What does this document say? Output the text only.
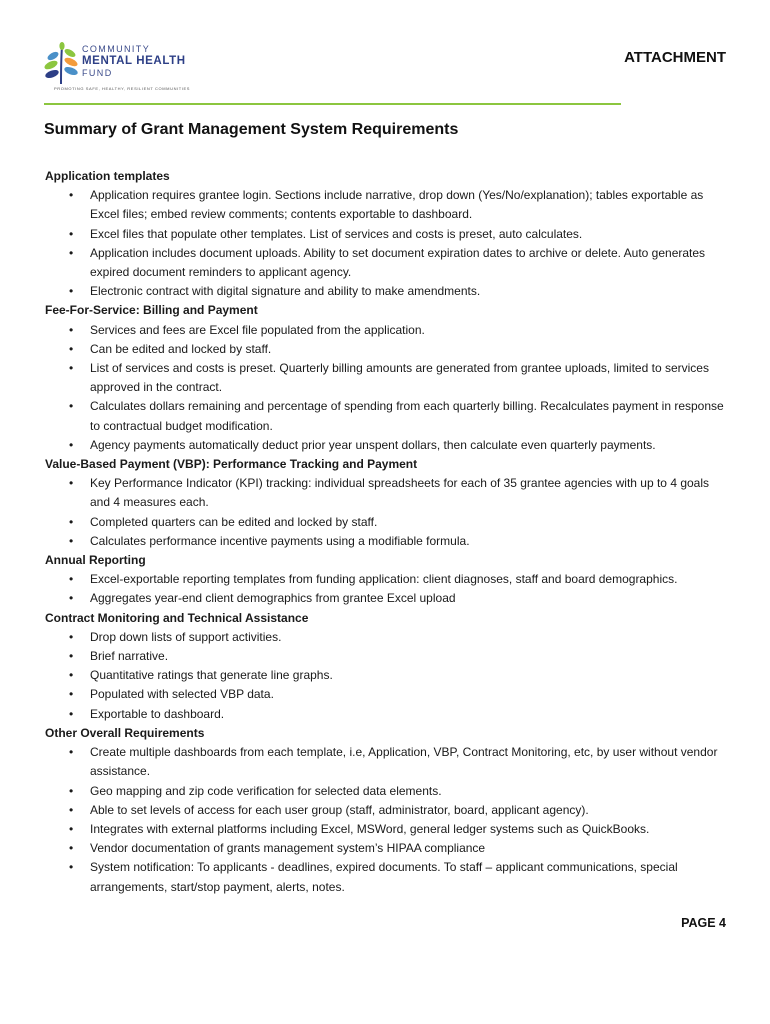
COMMUNITY
MENTAL HEALTH
FUND
PROMOTING SAFE, HEALTHY, RESILIENT COMMUNITIES
ATTACHMENT
Summary of Grant Management System Requirements
Application templates
• Application requires grantee login. Sections include narrative, drop down (Yes/No/explanation); tables exportable as Excel files; embed review comments; contents exportable to dashboard.
• Excel files that populate other templates. List of services and costs is preset, auto calculates.
• Application includes document uploads. Ability to set document expiration dates to archive or delete. Auto generates expired document reminders to applicant agency.
• Electronic contract with digital signature and ability to make amendments.
Fee-For-Service: Billing and Payment
• Services and fees are Excel file populated from the application.
• Can be edited and locked by staff.
• List of services and costs is preset. Quarterly billing amounts are generated from grantee uploads, limited to services approved in the contract.
• Calculates dollars remaining and percentage of spending from each quarterly billing. Recalculates payment in response to contractual budget modification.
• Agency payments automatically deduct prior year unspent dollars, then calculate even quarterly payments.
Value-Based Payment (VBP): Performance Tracking and Payment
• Key Performance Indicator (KPI) tracking: individual spreadsheets for each of 35 grantee agencies with up to 4 goals and 4 measures each.
• Completed quarters can be edited and locked by staff.
• Calculates performance incentive payments using a modifiable formula.
Annual Reporting
• Excel-exportable reporting templates from funding application: client diagnoses, staff and board demographics.
• Aggregates year-end client demographics from grantee Excel upload
Contract Monitoring and Technical Assistance
• Drop down lists of support activities.
• Brief narrative.
• Quantitative ratings that generate line graphs.
• Populated with selected VBP data.
• Exportable to dashboard.
Other Overall Requirements
• Create multiple dashboards from each template, i.e, Application, VBP, Contract Monitoring, etc, by user without vendor assistance.
• Geo mapping and zip code verification for selected data elements.
• Able to set levels of access for each user group (staff, administrator, board, applicant agency).
• Integrates with external platforms including Excel, MSWord, general ledger systems such as QuickBooks.
• Vendor documentation of grants management system’s HIPAA compliance
• System notification: To applicants - deadlines, expired documents. To staff – applicant communications, special arrangements, start/stop payment, alerts, notes.
PAGE 4
